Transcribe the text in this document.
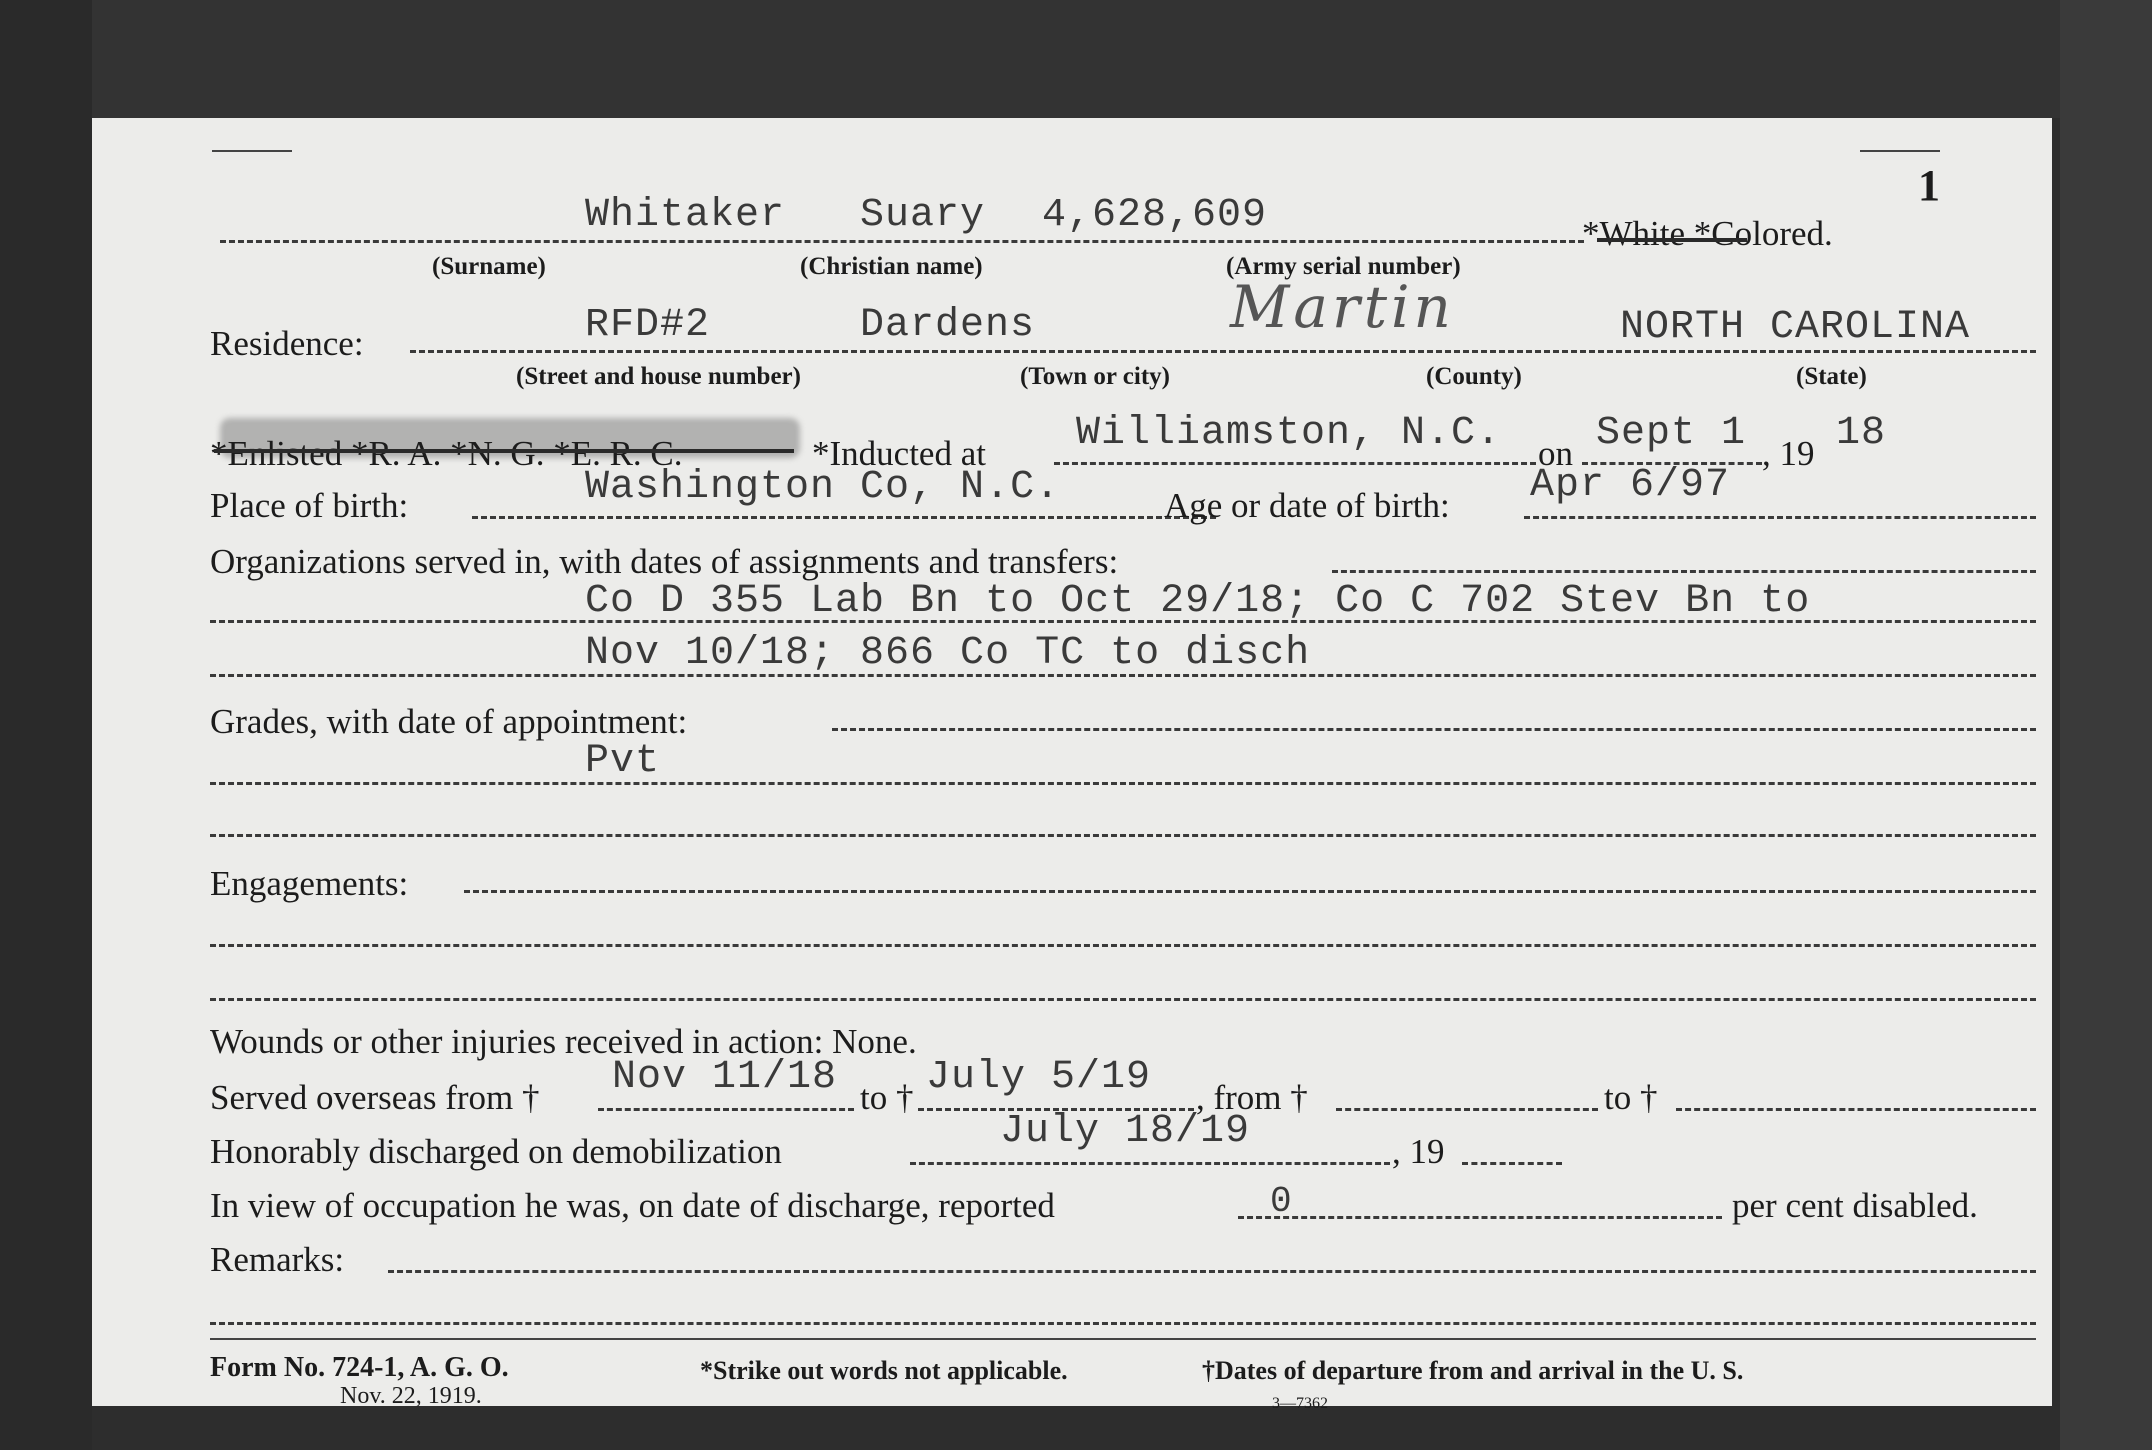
1
Whitaker Suary 4,628,609	*White *Colored.
(Surname)	(Christian name)	(Army serial number)
Residence:	RFD#2	Dardens	Martin	NORTH CAROLINA
(Street and house number)	(Town or city)	(County)	(State)
*Enlisted *R. A. *N. G. *E. R. C.	*Inducted at Williamston, N.C. on Sept 1 , 19 18
Place of birth:	Washington Co, N.C.	Age or date of birth: Apr 6/97
Organizations served in, with dates of assignments and transfers:
Co D 355 Lab Bn to Oct 29/18; Co C 702 Stev Bn to
Nov 10/18; 866 Co TC to disch
Grades, with date of appointment:
Pvt
Engagements:
Wounds or other injuries received in action: None.
Served overseas from † Nov 11/18 to † July 5/19 , from †	to †
Honorably discharged on demobilization	July 18/19	, 19
In view of occupation he was, on date of discharge, reported	0	per cent disabled.
Remarks:
Form No. 724-1, A. G. O.
Nov. 22, 1919.
*Strike out words not applicable.	†Dates of departure from and arrival in the U. S.
3—7362
